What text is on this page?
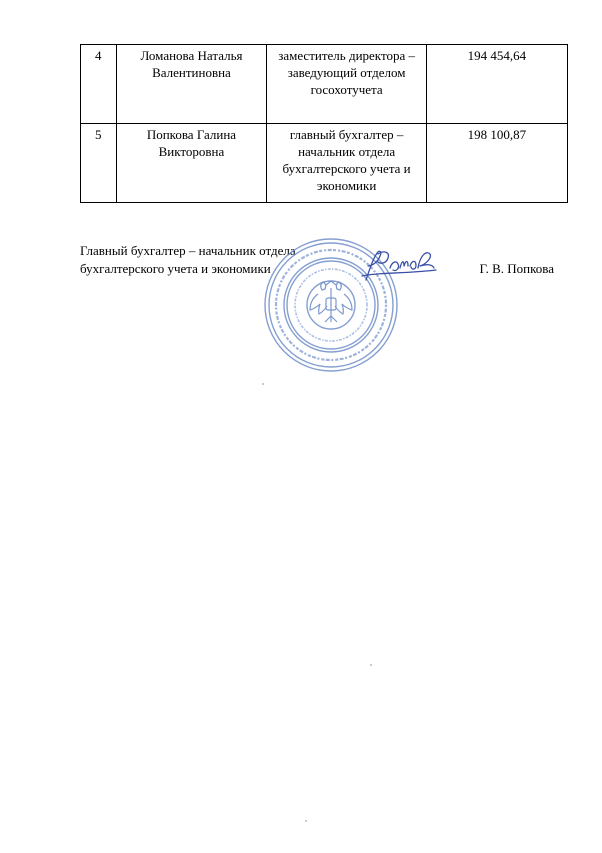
4	Ломанова Наталья Валентиновна	заместитель директора – заведующий отделом госохотучета	194 454,64
5	Попкова Галина Викторовна	главный бухгалтер – начальник отдела бухгалтерского учета и экономики	198 100,87
Главный бухгалтер – начальник отдела
бухгалтерского учета и экономики	Г. В. Попкова
